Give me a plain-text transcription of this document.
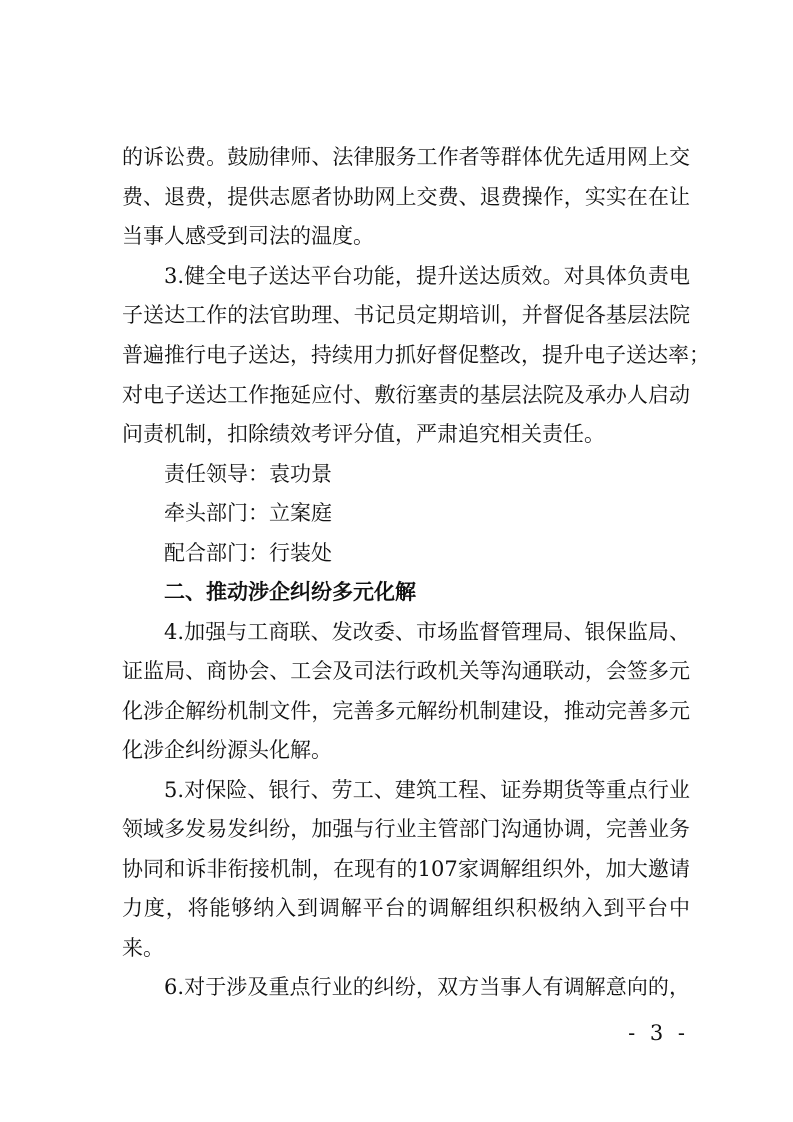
的诉讼费。鼓励律师、法律服务工作者等群体优先适用网上交
费、退费，提供志愿者协助网上交费、退费操作，实实在在让
当事人感受到司法的温度。
3.健全电子送达平台功能，提升送达质效。对具体负责电
子送达工作的法官助理、书记员定期培训，并督促各基层法院
普遍推行电子送达，持续用力抓好督促整改，提升电子送达率；
对电子送达工作拖延应付、敷衍塞责的基层法院及承办人启动
问责机制，扣除绩效考评分值，严肃追究相关责任。
责任领导：袁功景
牵头部门：立案庭
配合部门：行装处
二、推动涉企纠纷多元化解
4.加强与工商联、发改委、市场监督管理局、银保监局、
证监局、商协会、工会及司法行政机关等沟通联动，会签多元
化涉企解纷机制文件，完善多元解纷机制建设，推动完善多元
化涉企纠纷源头化解。
5.对保险、银行、劳工、建筑工程、证券期货等重点行业
领域多发易发纠纷，加强与行业主管部门沟通协调，完善业务
协同和诉非衔接机制，在现有的107家调解组织外，加大邀请
力度，将能够纳入到调解平台的调解组织积极纳入到平台中
来。
6.对于涉及重点行业的纠纷，双方当事人有调解意向的，
- 3 -
